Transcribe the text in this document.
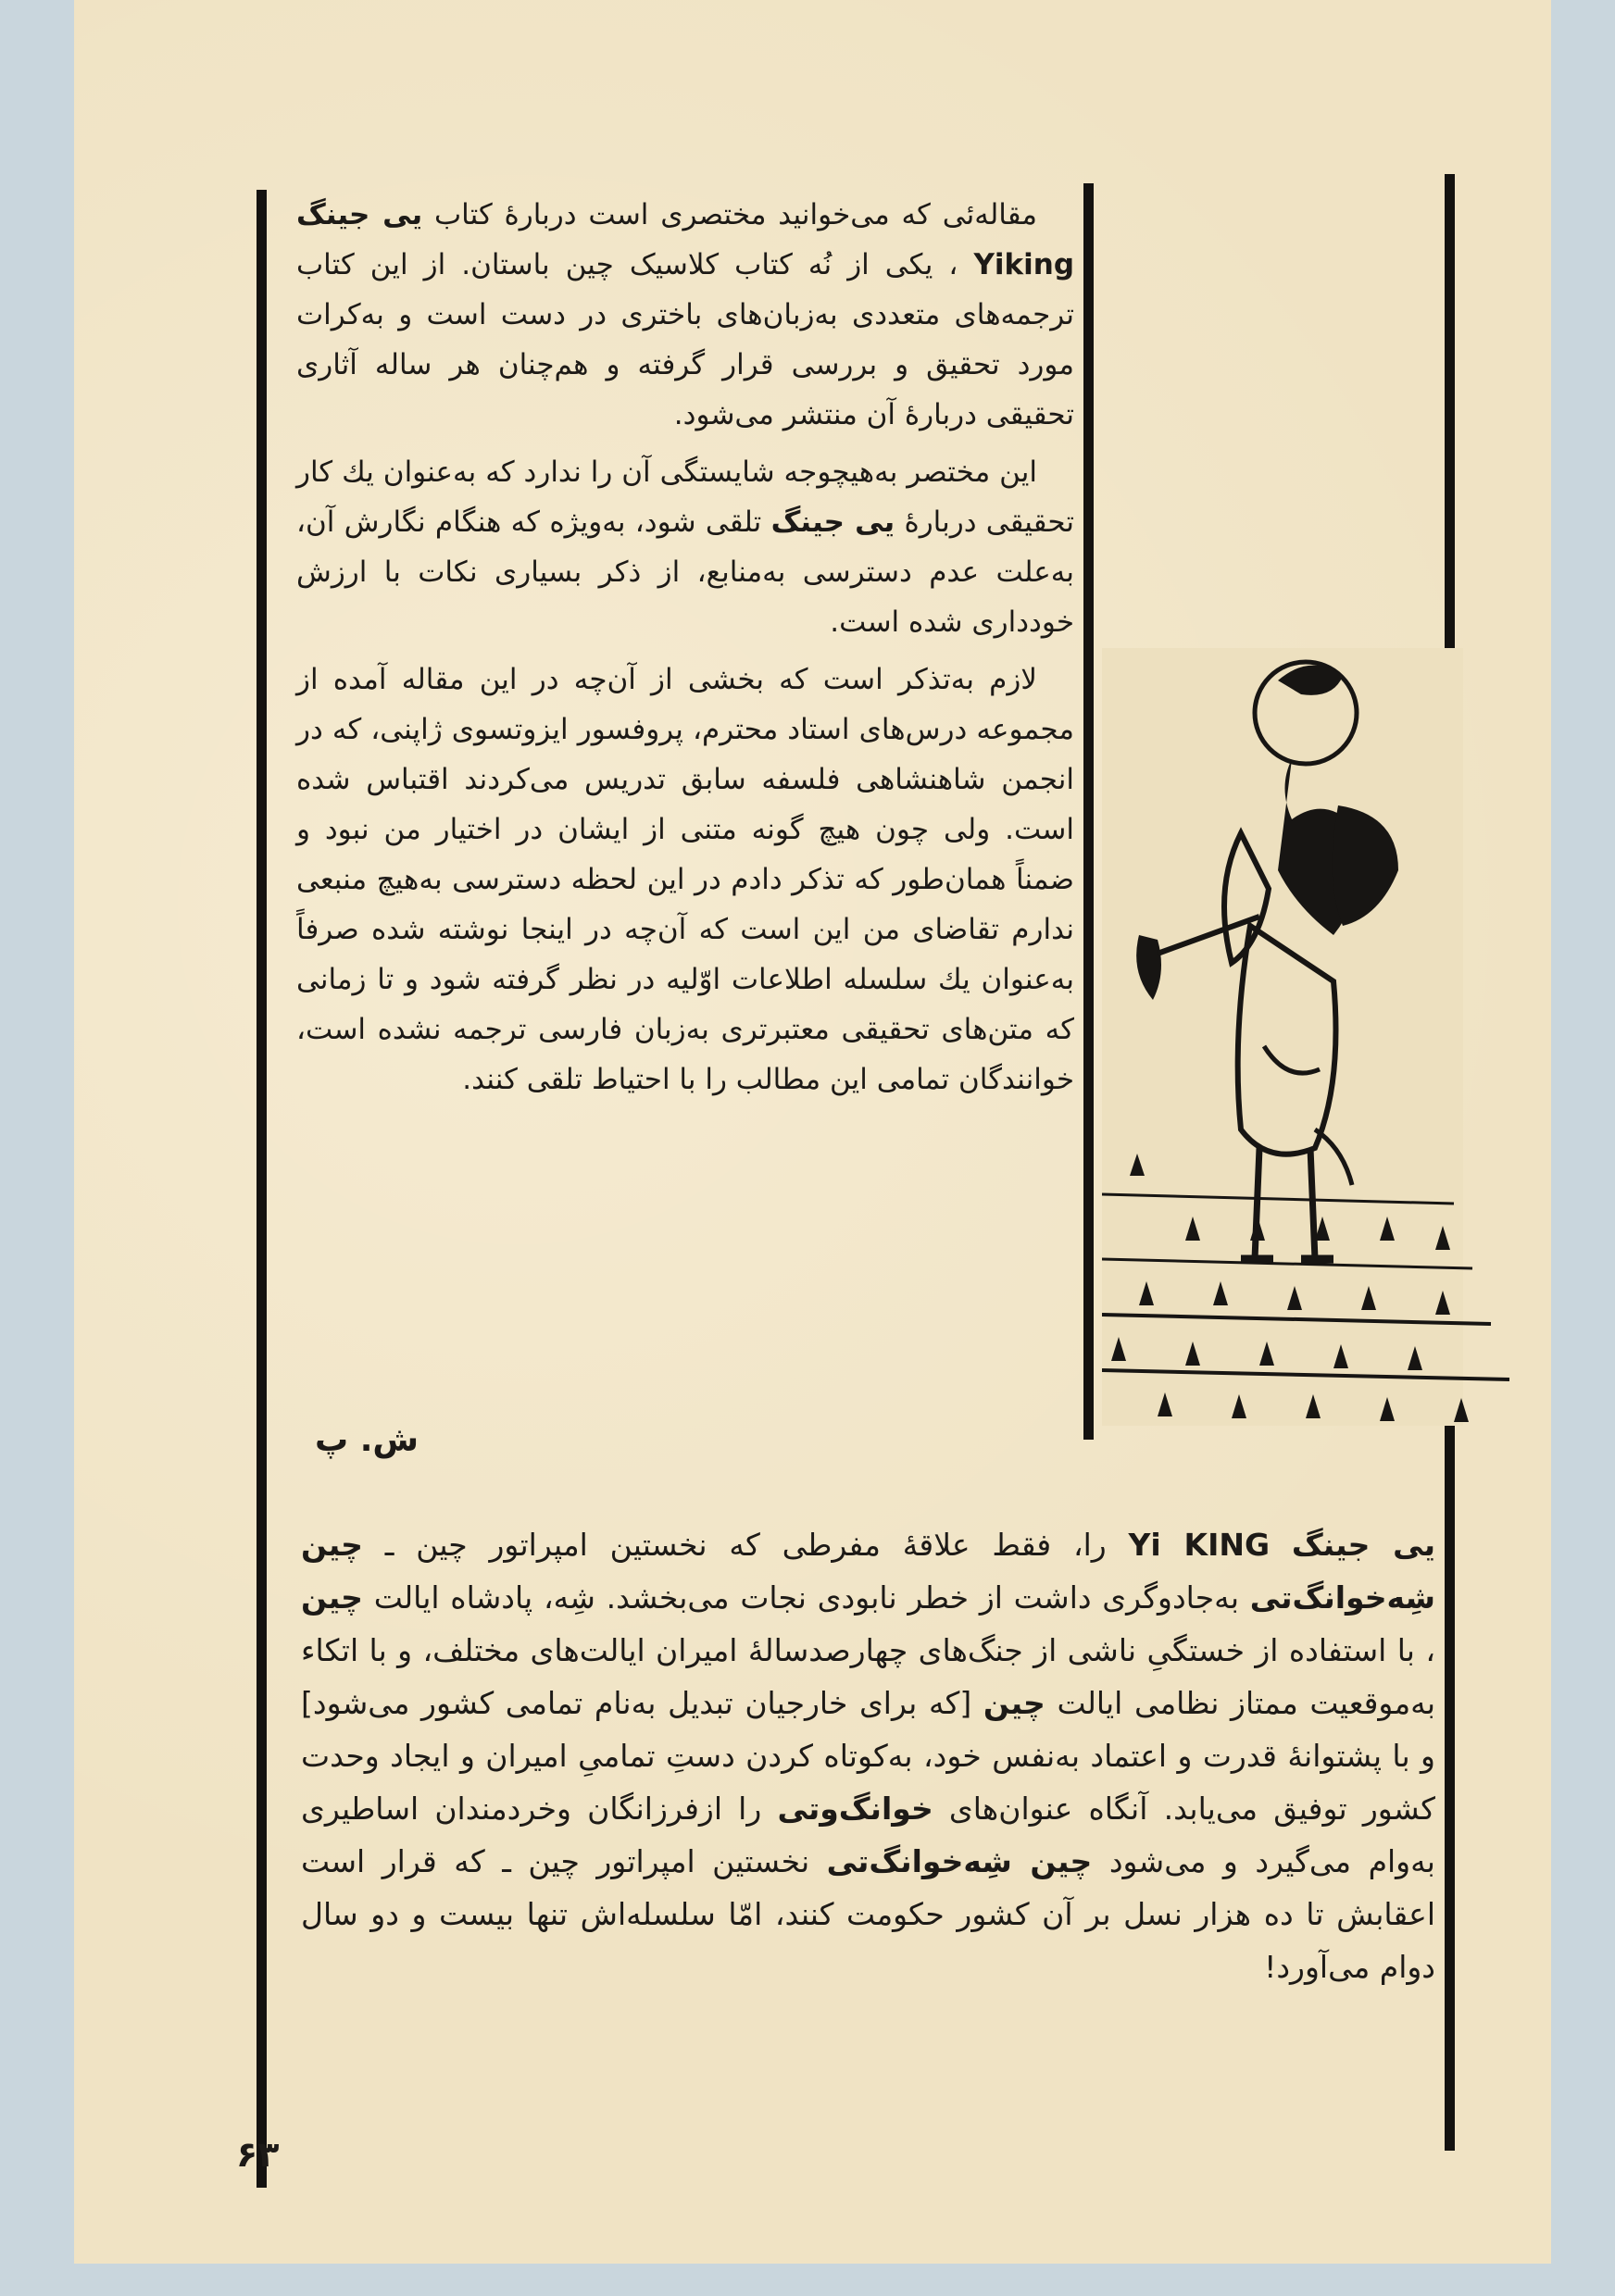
مقاله‌ئی که می‌خوانید مختصری است دربارهٔ کتاب یی جینگ Yiking ، یکی از نُه کتاب کلاسیک چین باستان. از این کتاب ترجمه‌های متعددی به‌زبان‌های باختری در دست است و به‌کرات مورد تحقیق و بررسی قرار گرفته و هم‌چنان هر ساله آثاری تحقیقی دربارهٔ آن منتشر می‌شود.

این مختصر به‌هیچوجه شایستگی آن را ندارد که به‌عنوان یك کار تحقیقی دربارهٔ یی جینگ تلقی شود، به‌ویژه که هنگام نگارش آن، به‌علت عدم دسترسی به‌منابع، از ذکر بسیاری نکات با ارزش خودداری شده است.

لازم به‌تذکر است که بخشی از آن‌چه در این مقاله آمده از مجموعه درس‌های استاد محترم، پروفسور ایزوتسوی ژاپنی، که در انجمن شاهنشاهی فلسفه سابق تدریس می‌کردند اقتباس شده است. ولی چون هیچ گونه متنی از ایشان در اختیار من نبود و ضمناً همان‌طور که تذکر دادم در این لحظه دسترسی به‌هیچ منبعی ندارم تقاضای من این است که آن‌چه در اینجا نوشته شده صرفاً به‌عنوان یك سلسله اطلاعات اوّلیه در نظر گرفته شود و تا زمانی که متن‌های تحقیقی معتبرتری به‌زبان فارسی ترجمه نشده است، خوانندگان تمامی این مطالب را با احتیاط تلقی کنند.

ش. پ
یی جینگ Yi KING را، فقط علاقهٔ مفرطی که نخستین امپراتور چین ـ چین شِه‌خوانگ‌تی به‌جادوگری داشت از خطر نابودی نجات می‌بخشد. شِه، پادشاه ایالت چین ، با استفاده از خستگیِ ناشی از جنگ‌های چهارصدسالهٔ امیران ایالت‌های مختلف، و با اتکاء به‌موقعیت ممتاز نظامی ایالت چین [که برای خارجیان تبدیل به‌نام تمامی کشور می‌شود] و با پشتوانهٔ قدرت و اعتماد به‌نفس خود، به‌کوتاه کردن دستِ تمامیِ امیران و ایجاد وحدت کشور توفیق می‌یابد. آنگاه عنوان‌های خوانگ‌وتی را ازفرزانگان وخردمندان اساطیری به‌وام می‌گیرد و می‌شود چین شِه‌خوانگ‌تی نخستین امپراتور چین ـ که قرار است اعقابش تا ده هزار نسل بر آن کشور حکومت کنند، امّا سلسله‌اش تنها بیست و دو سال دوام می‌آورد!
۶۳
